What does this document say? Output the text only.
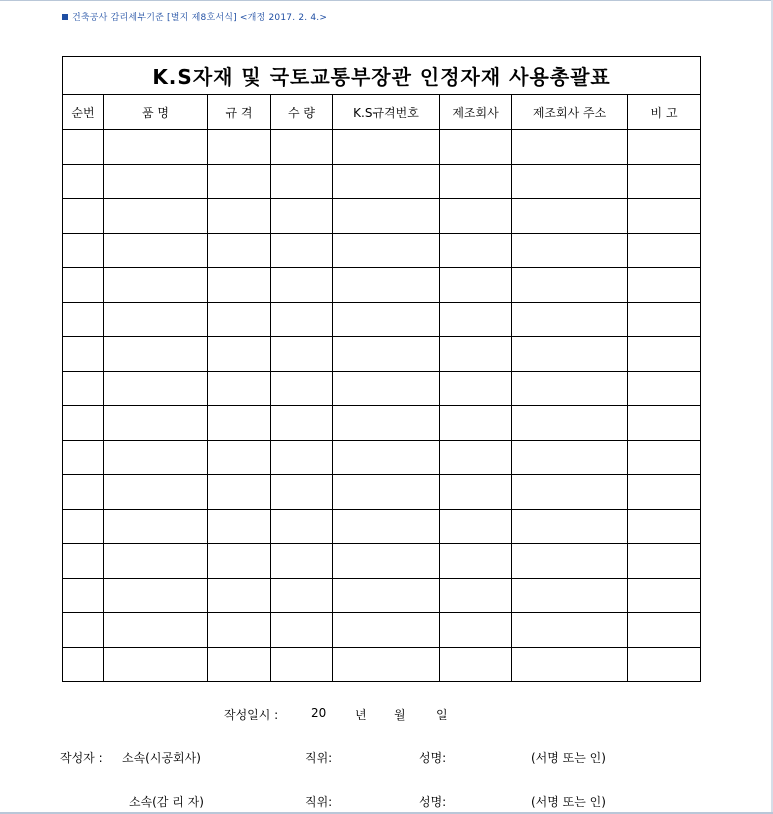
건축공사 감리세부기준 [별지 제8호서식] <개정 2017. 2. 4.>
K.S자재 및 국토교통부장관 인정자재 사용총괄표							
순번	품 명	규 격	수 량	K.S규격번호	제조회사	제조회사 주소	비 고

작성일시 :	20 년 월	일
작성자 : 소속(시공회사)	직위:	성명:	(서명 또는 인)
소속(감 리 자)	직위:	성명:	(서명 또는 인)
